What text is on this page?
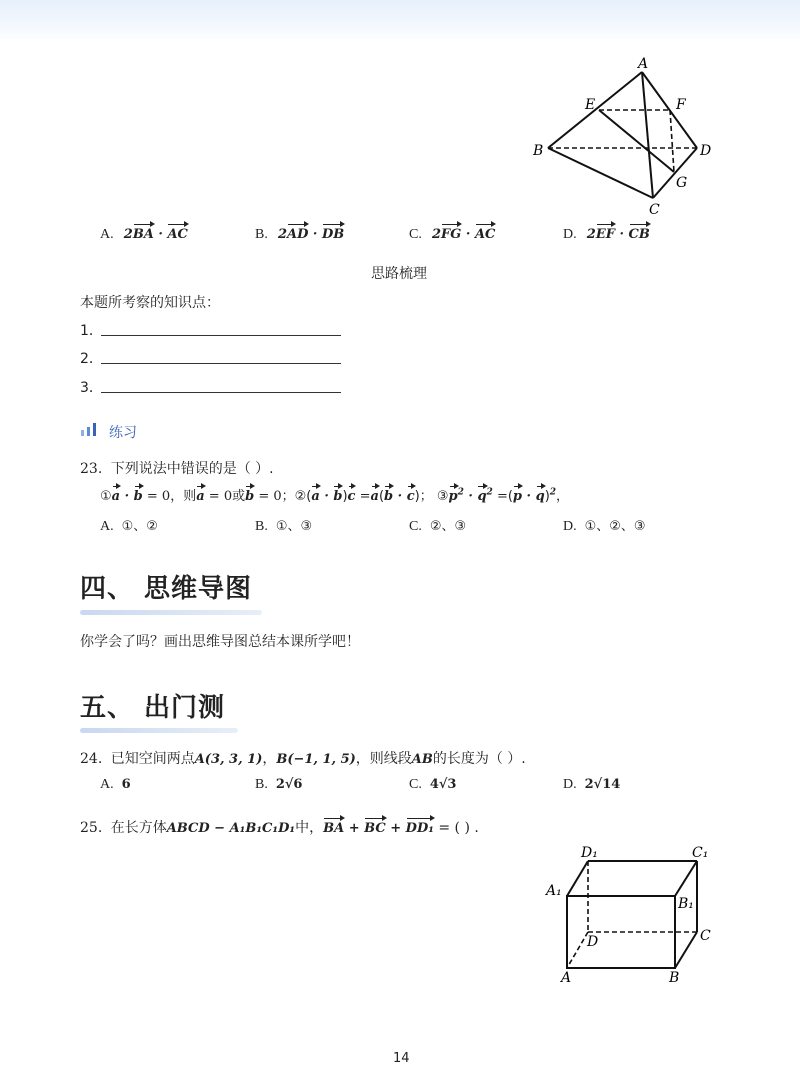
A
E	F
B	D
G
C
A. 2BA · AC	B. 2AD · DB	C. 2FG · AC	D. 2EF · CB
思路梳理
本题所考察的知识点：
1．
2．
3．
练习
23. 下列说法中错误的是（ ）.
①a · b = 0，则a = 0或b = 0；②(a · b)c =a(b · c)； $③p^2 \cdot q^2 =(p \cdot q)^2$，
A. ①、②	B. ①、③	C. ②、③	D. ①、②、③
四、 思维导图
你学会了吗？画出思维导图总结本课所学吧！
五、 出门测
24. 已知空间两点A(3, 3, 1)，B(−1, 1, 5)，则线段AB的长度为（ ）.
A. 6	B. 2√6	C. 4√3	D. 2√14
25. 在长方体ABCD − A₁B₁C₁D₁中，BA + BC + DD₁ = ( ) .
D₁	C₁
A₁
B₁
D	C
A	B
14
